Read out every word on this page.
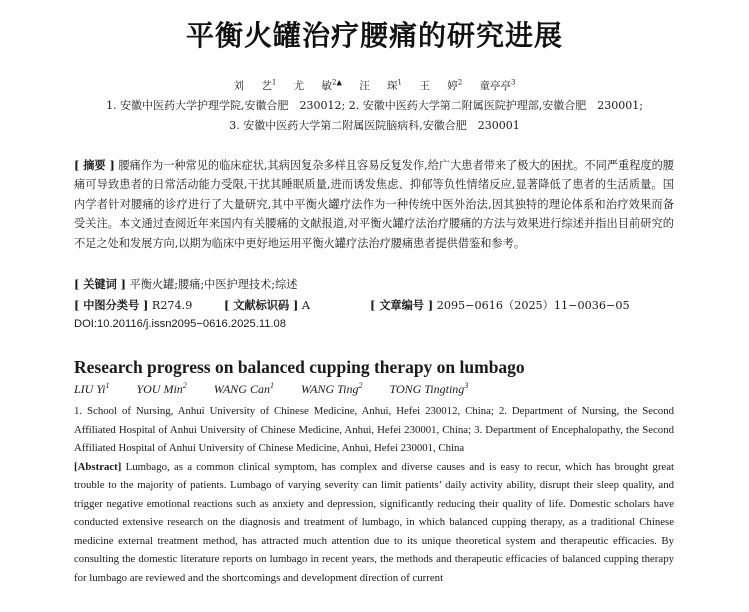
平衡火罐治疗腰痛的研究进展
刘 艺$^1$ 尤 敏$^{2▲}$ 汪 琛$^1$ 王 婷$^2$ 童亭亭$^3$
1. 安徽中医药大学护理学院,安徽合肥　230012; 2. 安徽中医药大学第二附属医院护理部,安徽合肥　230001;
3. 安徽中医药大学第二附属医院脑病科,安徽合肥　230001
[ 摘要 ] 腰痛作为一种常见的临床症状,其病因复杂多样且容易反复发作,给广大患者带来了极大的困扰。不同严重程度的腰痛可导致患者的日常活动能力受限,干扰其睡眠质量,进而诱发焦虑、抑郁等负性情绪反应,显著降低了患者的生活质量。国内学者针对腰痛的诊疗进行了大量研究,其中平衡火罐疗法作为一种传统中医外治法,因其独特的理论体系和治疗效果而备受关注。本文通过查阅近年来国内有关腰痛的文献报道,对平衡火罐疗法治疗腰痛的方法与效果进行综述并指出目前研究的不足之处和发展方向,以期为临床中更好地运用平衡火罐疗法治疗腰痛患者提供借鉴和参考。
[ 关键词 ] 平衡火罐;腰痛;中医护理技术;综述
[ 中图分类号 ] R274.9	[ 文献标识码 ] A	[ 文章编号 ] 2095−0616（2025）11−0036−05
DOI:10.20116/j.issn2095−0616.2025.11.08
Research progress on balanced cupping therapy on lumbago
LIU Yi$^1$ YOU Min$^2$ WANG Can$^1$ WANG Ting$^2$ TONG Tingting$^3$

1. School of Nursing, Anhui University of Chinese Medicine, Anhui, Hefei 230012, China; 2. Department of Nursing, the Second Affiliated Hospital of Anhui University of Chinese Medicine, Anhui, Hefei 230001, China; 3. Department of Encephalopathy, the Second Affiliated Hospital of Anhui University of Chinese Medicine, Anhui, Hefei 230001, China

[Abstract] Lumbago, as a common clinical symptom, has complex and diverse causes and is easy to recur, which has brought great trouble to the majority of patients. Lumbago of varying severity can limit patients’ daily activity ability, disrupt their sleep quality, and trigger negative emotional reactions such as anxiety and depression, significantly reducing their quality of life. Domestic scholars have conducted extensive research on the diagnosis and treatment of lumbago, in which balanced cupping therapy, as a traditional Chinese medicine external treatment method, has attracted much attention due to its unique theoretical system and therapeutic efficacies. By consulting the domestic literature reports on lumbago in recent years, the methods and therapeutic efficacies of balanced cupping therapy for lumbago are reviewed and the shortcomings and development direction of current
